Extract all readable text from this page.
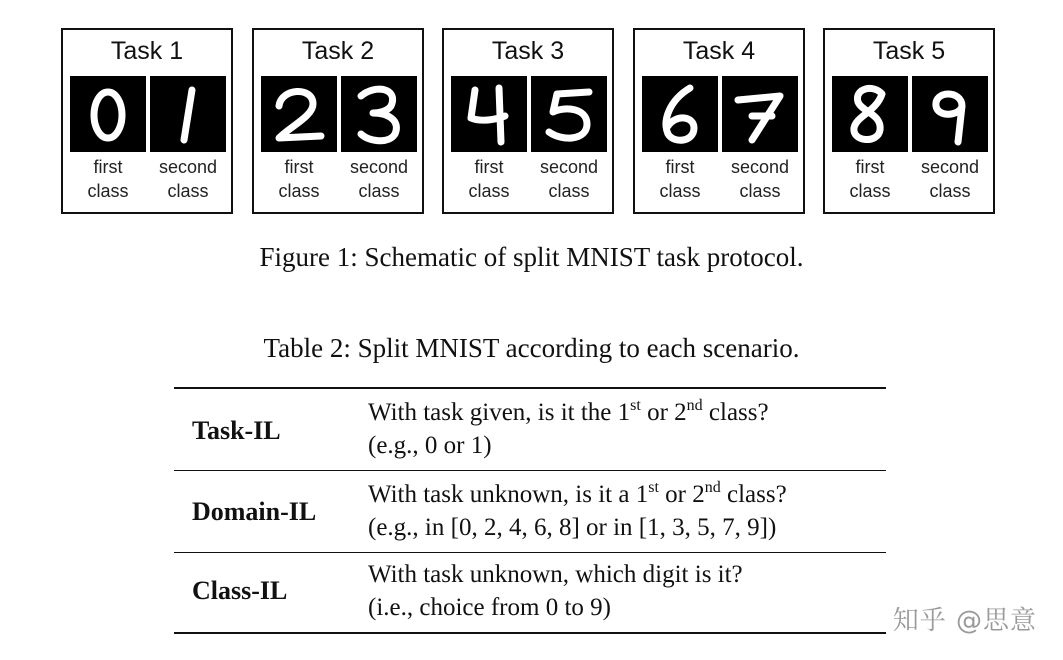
Task 1
first
class
second
class
Task 2
first
class
second
class
Task 3
first
class
second
class
Task 4
first
class
second
class
Task 5
first
class
second
class
Figure 1: Schematic of split MNIST task protocol.
Table 2: Split MNIST according to each scenario.
Task-IL
With task given, is it the 1st or 2nd class?
(e.g., 0 or 1)
Domain-IL
With task unknown, is it a 1st or 2nd class?
(e.g., in [0, 2, 4, 6, 8] or in [1, 3, 5, 7, 9])
Class-IL
With task unknown, which digit is it?
(i.e., choice from 0 to 9)	知乎 @思意
